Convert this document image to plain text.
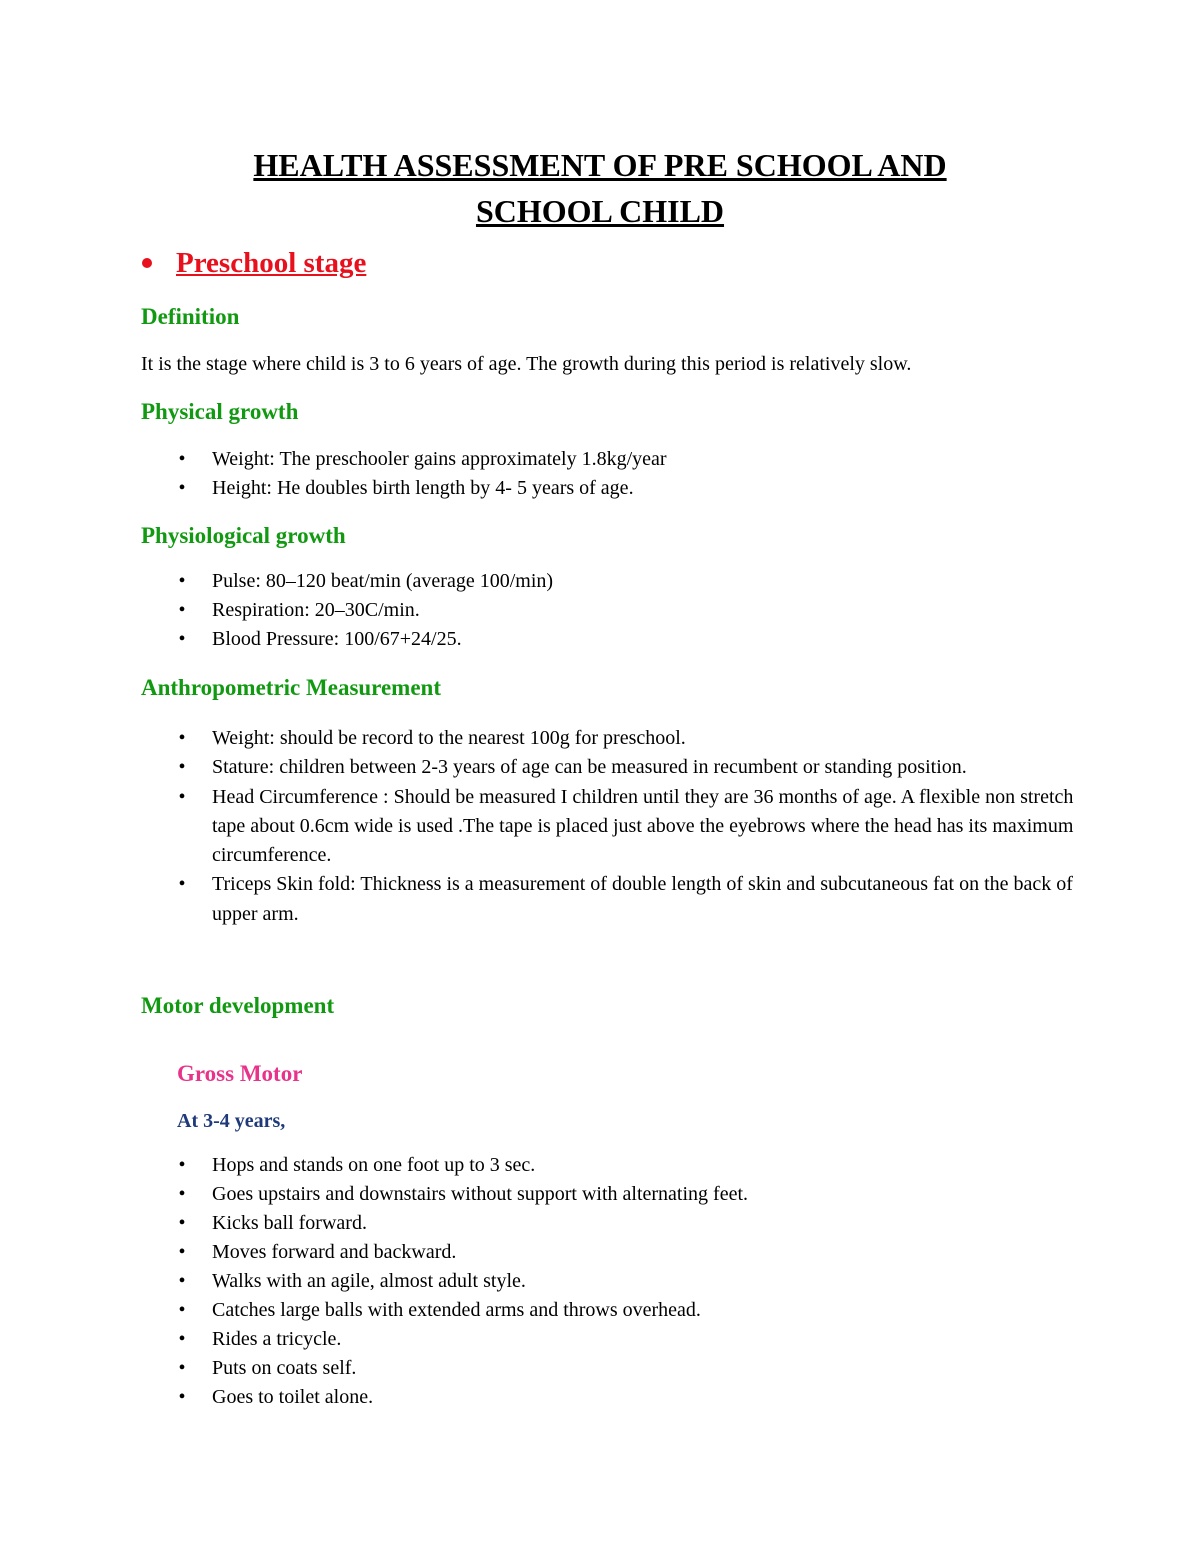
HEALTH ASSESSMENT OF PRE SCHOOL AND
SCHOOL CHILD
Preschool stage
Definition

It is the stage where child is 3 to 6 years of age. The growth during this period is relatively slow.

Physical growth
• Weight: The preschooler gains approximately 1.8kg/year
• Height: He doubles birth length by 4- 5 years of age.
Physiological growth
• Pulse: 80–120 beat/min (average 100/min)
• Respiration: 20–30C/min.
• Blood Pressure: 100/67+24/25.
Anthropometric Measurement
• Weight: should be record to the nearest 100g for preschool.
• Stature: children between 2-3 years of age can be measured in recumbent or standing position.
• Head Circumference : Should be measured I children until they are 36 months of age. A flexible non stretch tape about 0.6cm wide is used .The tape is placed just above the eyebrows where the head has its maximum circumference.
• Triceps Skin fold: Thickness is a measurement of double length of skin and subcutaneous fat on the back of upper arm.
Motor development
Gross Motor
At 3-4 years,
• Hops and stands on one foot up to 3 sec.
• Goes upstairs and downstairs without support with alternating feet.
• Kicks ball forward.
• Moves forward and backward.
• Walks with an agile, almost adult style.
• Catches large balls with extended arms and throws overhead.
• Rides a tricycle.
• Puts on coats self.
• Goes to toilet alone.
